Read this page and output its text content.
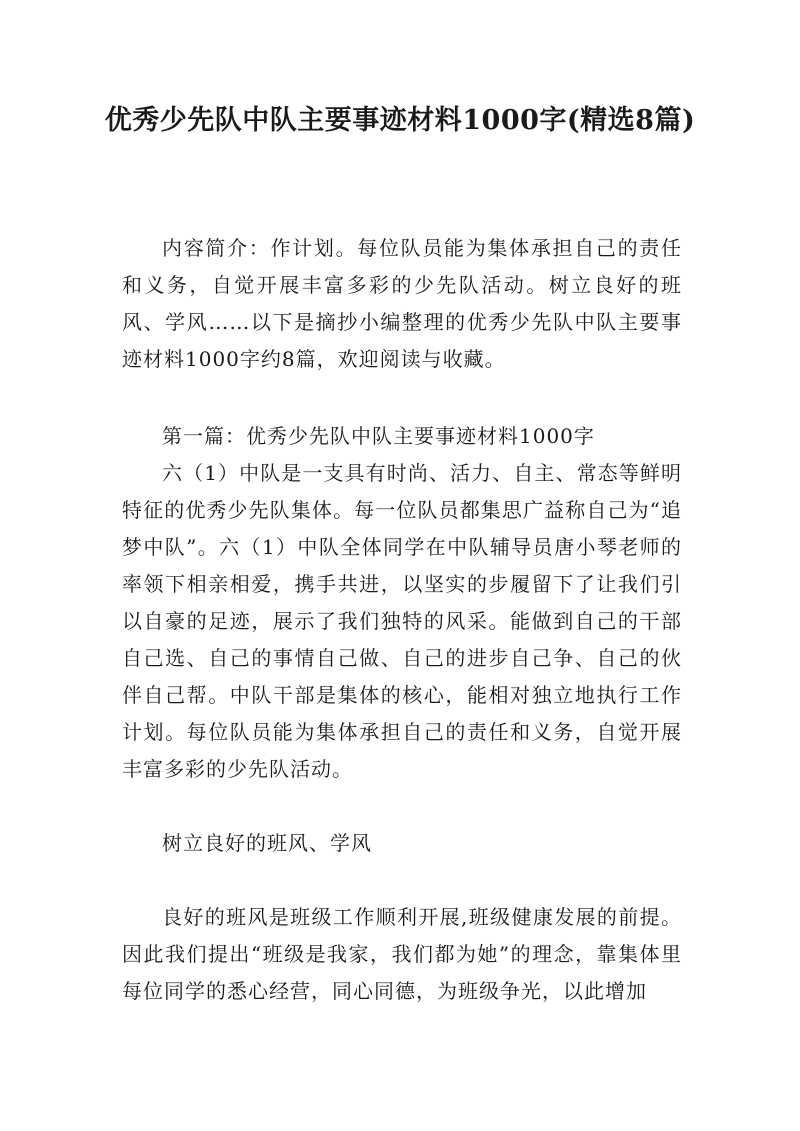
优秀少先队中队主要事迹材料1000字(精选8篇)

内容简介：作计划。每位队员能为集体承担自己的责任和义务，自觉开展丰富多彩的少先队活动。树立良好的班风、学风……以下是摘抄小编整理的优秀少先队中队主要事迹材料1000字约8篇，欢迎阅读与收藏。

第一篇：优秀少先队中队主要事迹材料1000字

六（1）中队是一支具有时尚、活力、自主、常态等鲜明特征的优秀少先队集体。每一位队员都集思广益称自己为“追梦中队”。六（1）中队全体同学在中队辅导员唐小琴老师的率领下相亲相爱，携手共进，以坚实的步履留下了让我们引以自豪的足迹，展示了我们独特的风采。能做到自己的干部自己选、自己的事情自己做、自己的进步自己争、自己的伙伴自己帮。中队干部是集体的核心，能相对独立地执行工作计划。每位队员能为集体承担自己的责任和义务，自觉开展丰富多彩的少先队活动。

树立良好的班风、学风

良好的班风是班级工作顺利开展,班级健康发展的前提。因此我们提出“班级是我家，我们都为她”的理念，靠集体里每位同学的悉心经营，同心同德，为班级争光，以此增加
